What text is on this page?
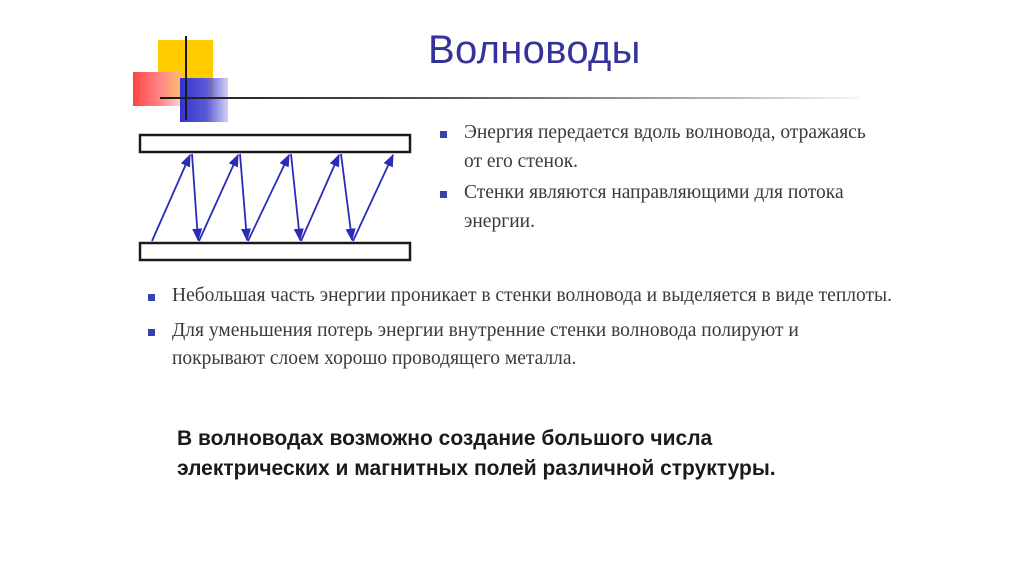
Волноводы
Энергия передается вдоль волновода, отражаясь от его стенок.
Стенки являются направляющими для потока энергии.
Небольшая часть энергии проникает в стенки волновода и выделяется в виде теплоты.
Для уменьшения потерь энергии внутренние стенки волновода полируют и покрывают слоем хорошо проводящего металла.

В волноводах возможно создание большого числа электрических и магнитных полей различной структуры.
